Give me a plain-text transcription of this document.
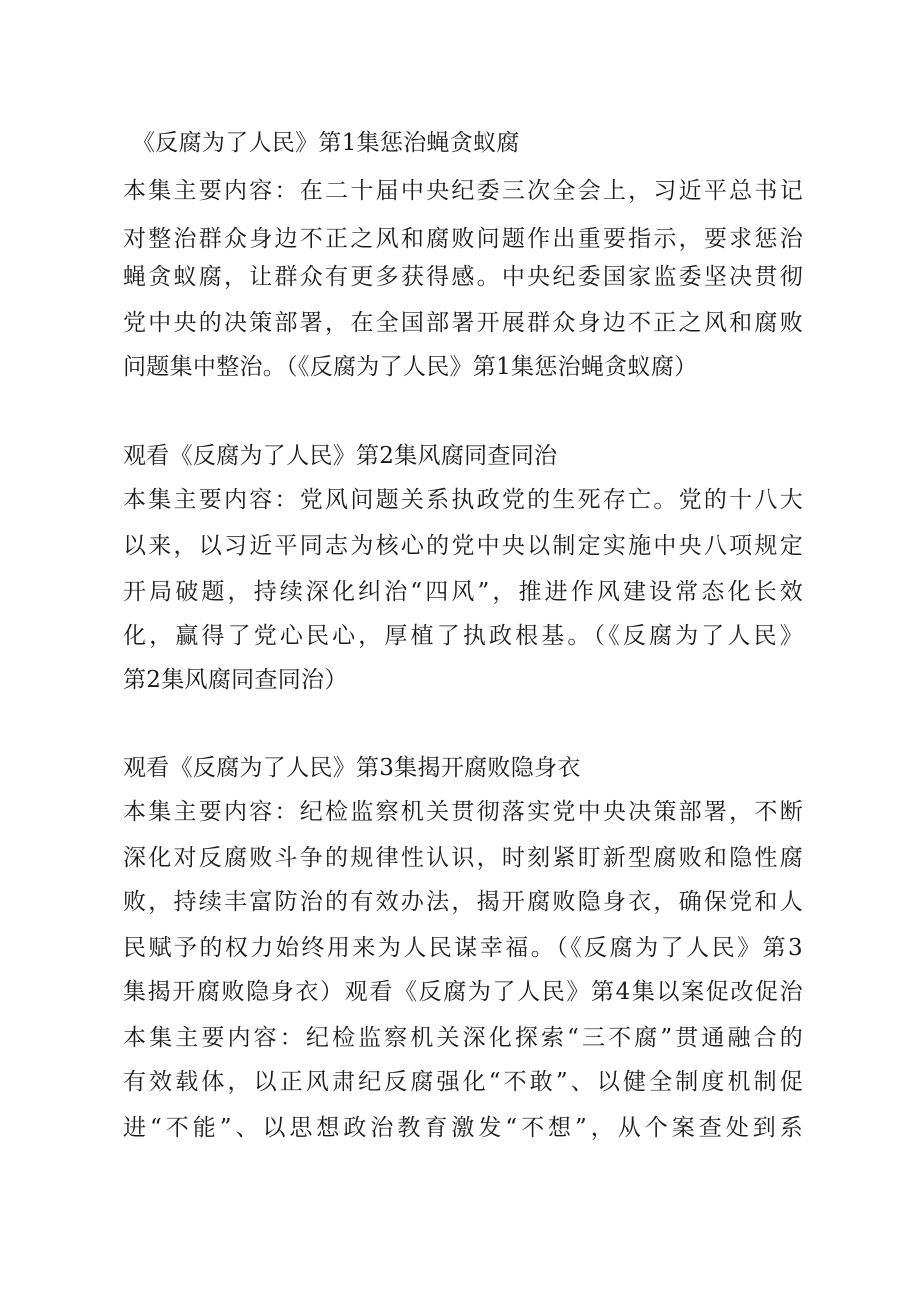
《反腐为了人民》第1集惩治蝇贪蚁腐
本集主要内容：在二十届中央纪委三次全会上，习近平总书记
对整治群众身边不正之风和腐败问题作出重要指示，要求惩治
蝇贪蚁腐，让群众有更多获得感。中央纪委国家监委坚决贯彻
党中央的决策部署，在全国部署开展群众身边不正之风和腐败
问题集中整治。（《反腐为了人民》第1集惩治蝇贪蚁腐）
观看《反腐为了人民》第2集风腐同查同治
本集主要内容：党风问题关系执政党的生死存亡。党的十八大
以来，以习近平同志为核心的党中央以制定实施中央八项规定
开局破题，持续深化纠治“四风”，推进作风建设常态化长效
化，赢得了党心民心，厚植了执政根基。（《反腐为了人民》
第2集风腐同查同治）
观看《反腐为了人民》第3集揭开腐败隐身衣
本集主要内容：纪检监察机关贯彻落实党中央决策部署，不断
深化对反腐败斗争的规律性认识，时刻紧盯新型腐败和隐性腐
败，持续丰富防治的有效办法，揭开腐败隐身衣，确保党和人
民赋予的权力始终用来为人民谋幸福。（《反腐为了人民》第3
集揭开腐败隐身衣）观看《反腐为了人民》第4集以案促改促治
本集主要内容：纪检监察机关深化探索“三不腐”贯通融合的
有效载体，以正风肃纪反腐强化“不敢”、以健全制度机制促
进“不能”、以思想政治教育激发“不想”，从个案查处到系
